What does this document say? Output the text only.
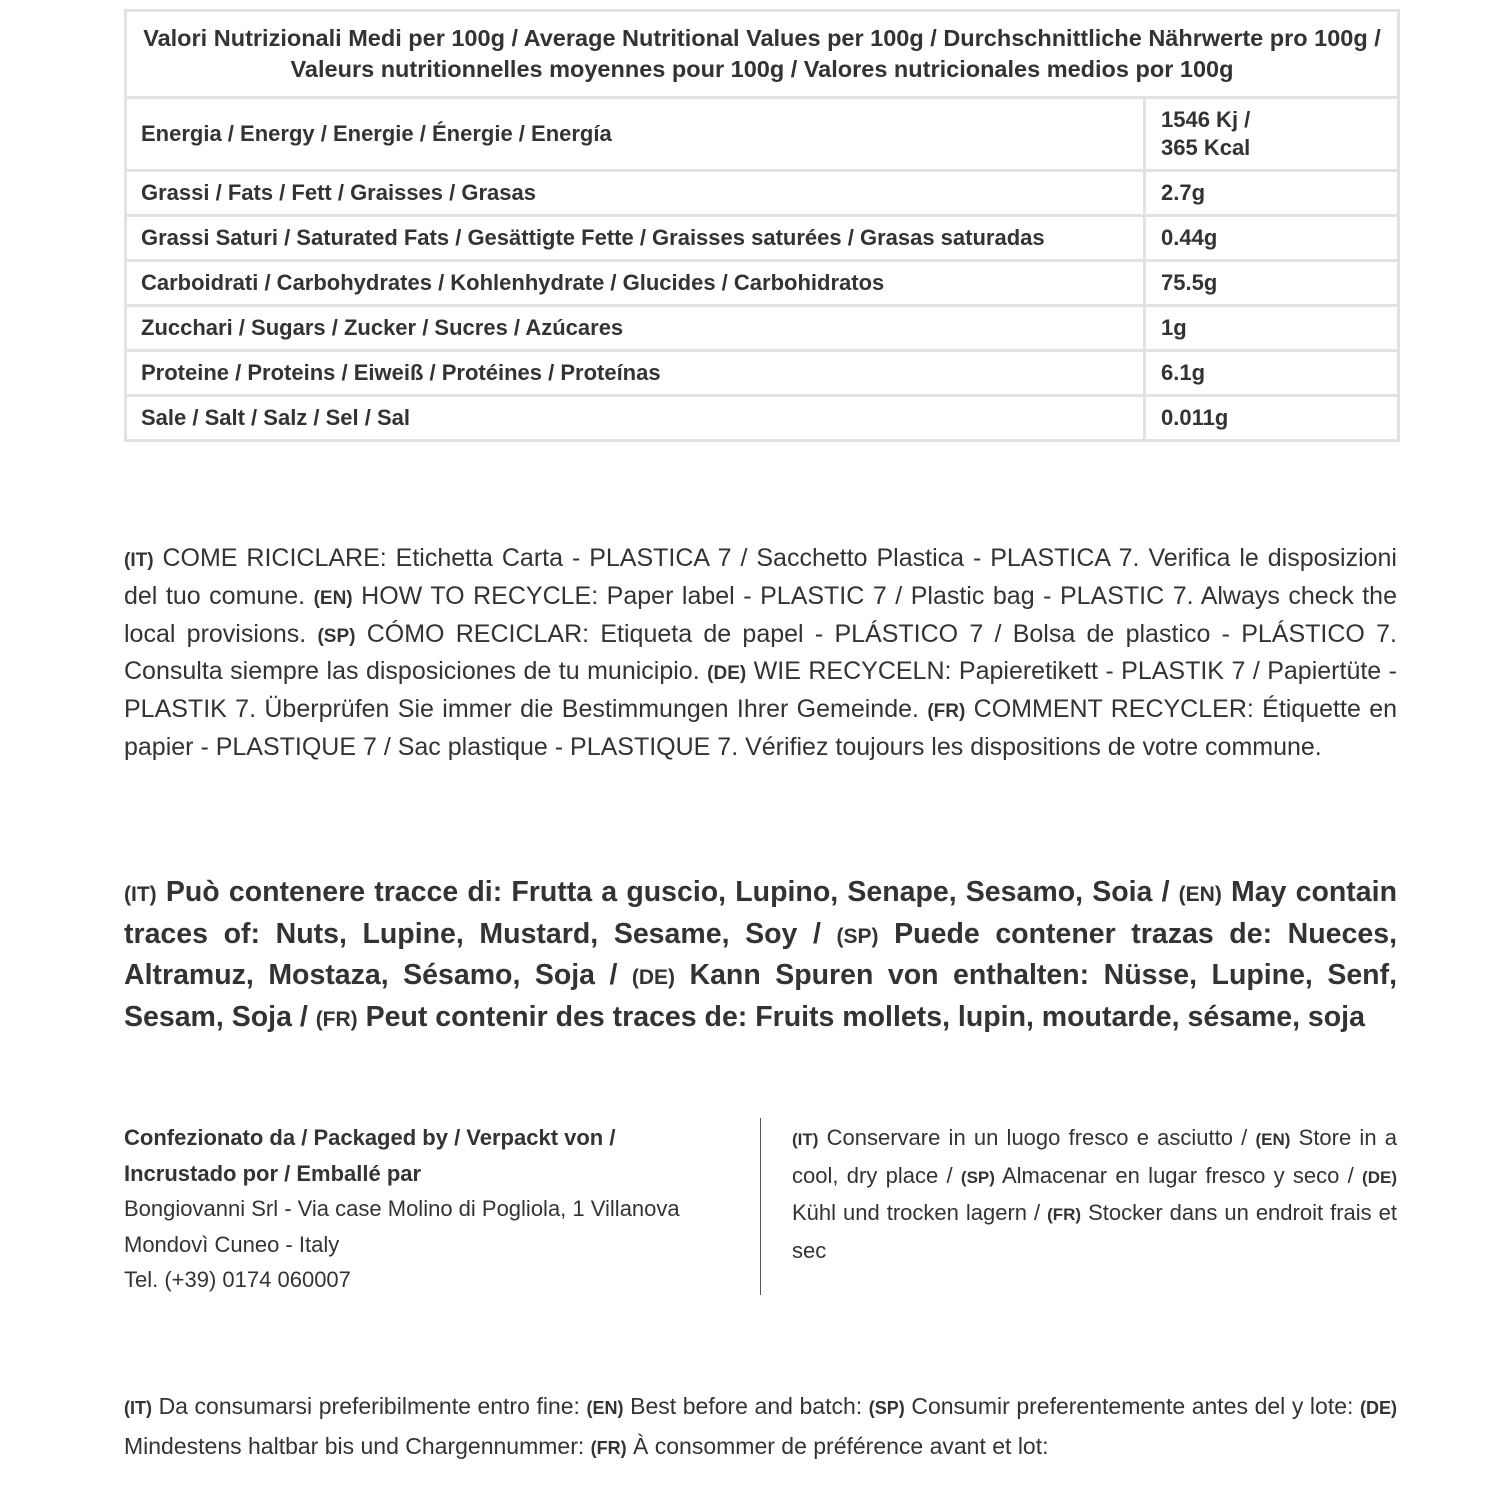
Valori Nutrizionali Medi per 100g / Average Nutritional Values per 100g / Durchschnittliche Nährwerte pro 100g / Valeurs nutritionnelles moyennes pour 100g / Valores nutricionales medios por 100g	
Energia / Energy / Energie / Énergie / Energía	1546 Kj /
365 Kcal

Grassi / Fats / Fett / Graisses / Grasas	2.7g
Grassi Saturi / Saturated Fats / Gesättigte Fette / Graisses saturées / Grasas saturadas	0.44g
Carboidrati / Carbohydrates / Kohlenhydrate / Glucides / Carbohidratos	75.5g
Zucchari / Sugars / Zucker / Sucres / Azúcares	1g
Proteine / Proteins / Eiweiß / Protéines / Proteínas	6.1g
Sale / Salt / Salz / Sel / Sal	0.011g

(IT) COME RICICLARE: Etichetta Carta - PLASTICA 7 / Sacchetto Plastica - PLASTICA 7. Verifica le disposizioni del tuo comune. (EN) HOW TO RECYCLE: Paper label - PLASTIC 7 / Plastic bag - PLASTIC 7. Always check the local provisions. (SP) CÓMO RECICLAR: Etiqueta de papel - PLÁSTICO 7 / Bolsa de plastico - PLÁSTICO 7. Consulta siempre las disposiciones de tu municipio. (DE) WIE RECYCELN: Papieretikett - PLASTIK 7 / Papiertüte - PLASTIK 7. Überprüfen Sie immer die Bestimmungen Ihrer Gemeinde. (FR) COMMENT RECYCLER: Étiquette en papier - PLASTIQUE 7 / Sac plastique - PLASTIQUE 7. Vérifiez toujours les dispositions de votre commune.

(IT) Può contenere tracce di: Frutta a guscio, Lupino, Senape, Sesamo, Soia / (EN) May contain traces of: Nuts, Lupine, Mustard, Sesame, Soy / (SP) Puede contener trazas de: Nueces, Altramuz, Mostaza, Sésamo, Soja / (DE) Kann Spuren von enthalten: Nüsse, Lupine, Senf, Sesam, Soja / (FR) Peut contenir des traces de: Fruits mollets, lupin, moutarde, sésame, soja

Confezionato da / Packaged by / Verpackt von /
Incrustado por / Emballé par
Bongiovanni Srl - Via case Molino di Pogliola, 1 Villanova
Mondovì Cuneo - Italy
Tel. (+39) 0174 060007

(IT) Conservare in un luogo fresco e asciutto / (EN) Store in a cool, dry place / (SP) Almacenar en lugar fresco y seco / (DE) Kühl und trocken lagern / (FR) Stocker dans un endroit frais et sec

(IT) Da consumarsi preferibilmente entro fine: (EN) Best before and batch: (SP) Consumir preferentemente antes del y lote: (DE) Mindestens haltbar bis und Chargennummer: (FR) À consommer de préférence avant et lot:
